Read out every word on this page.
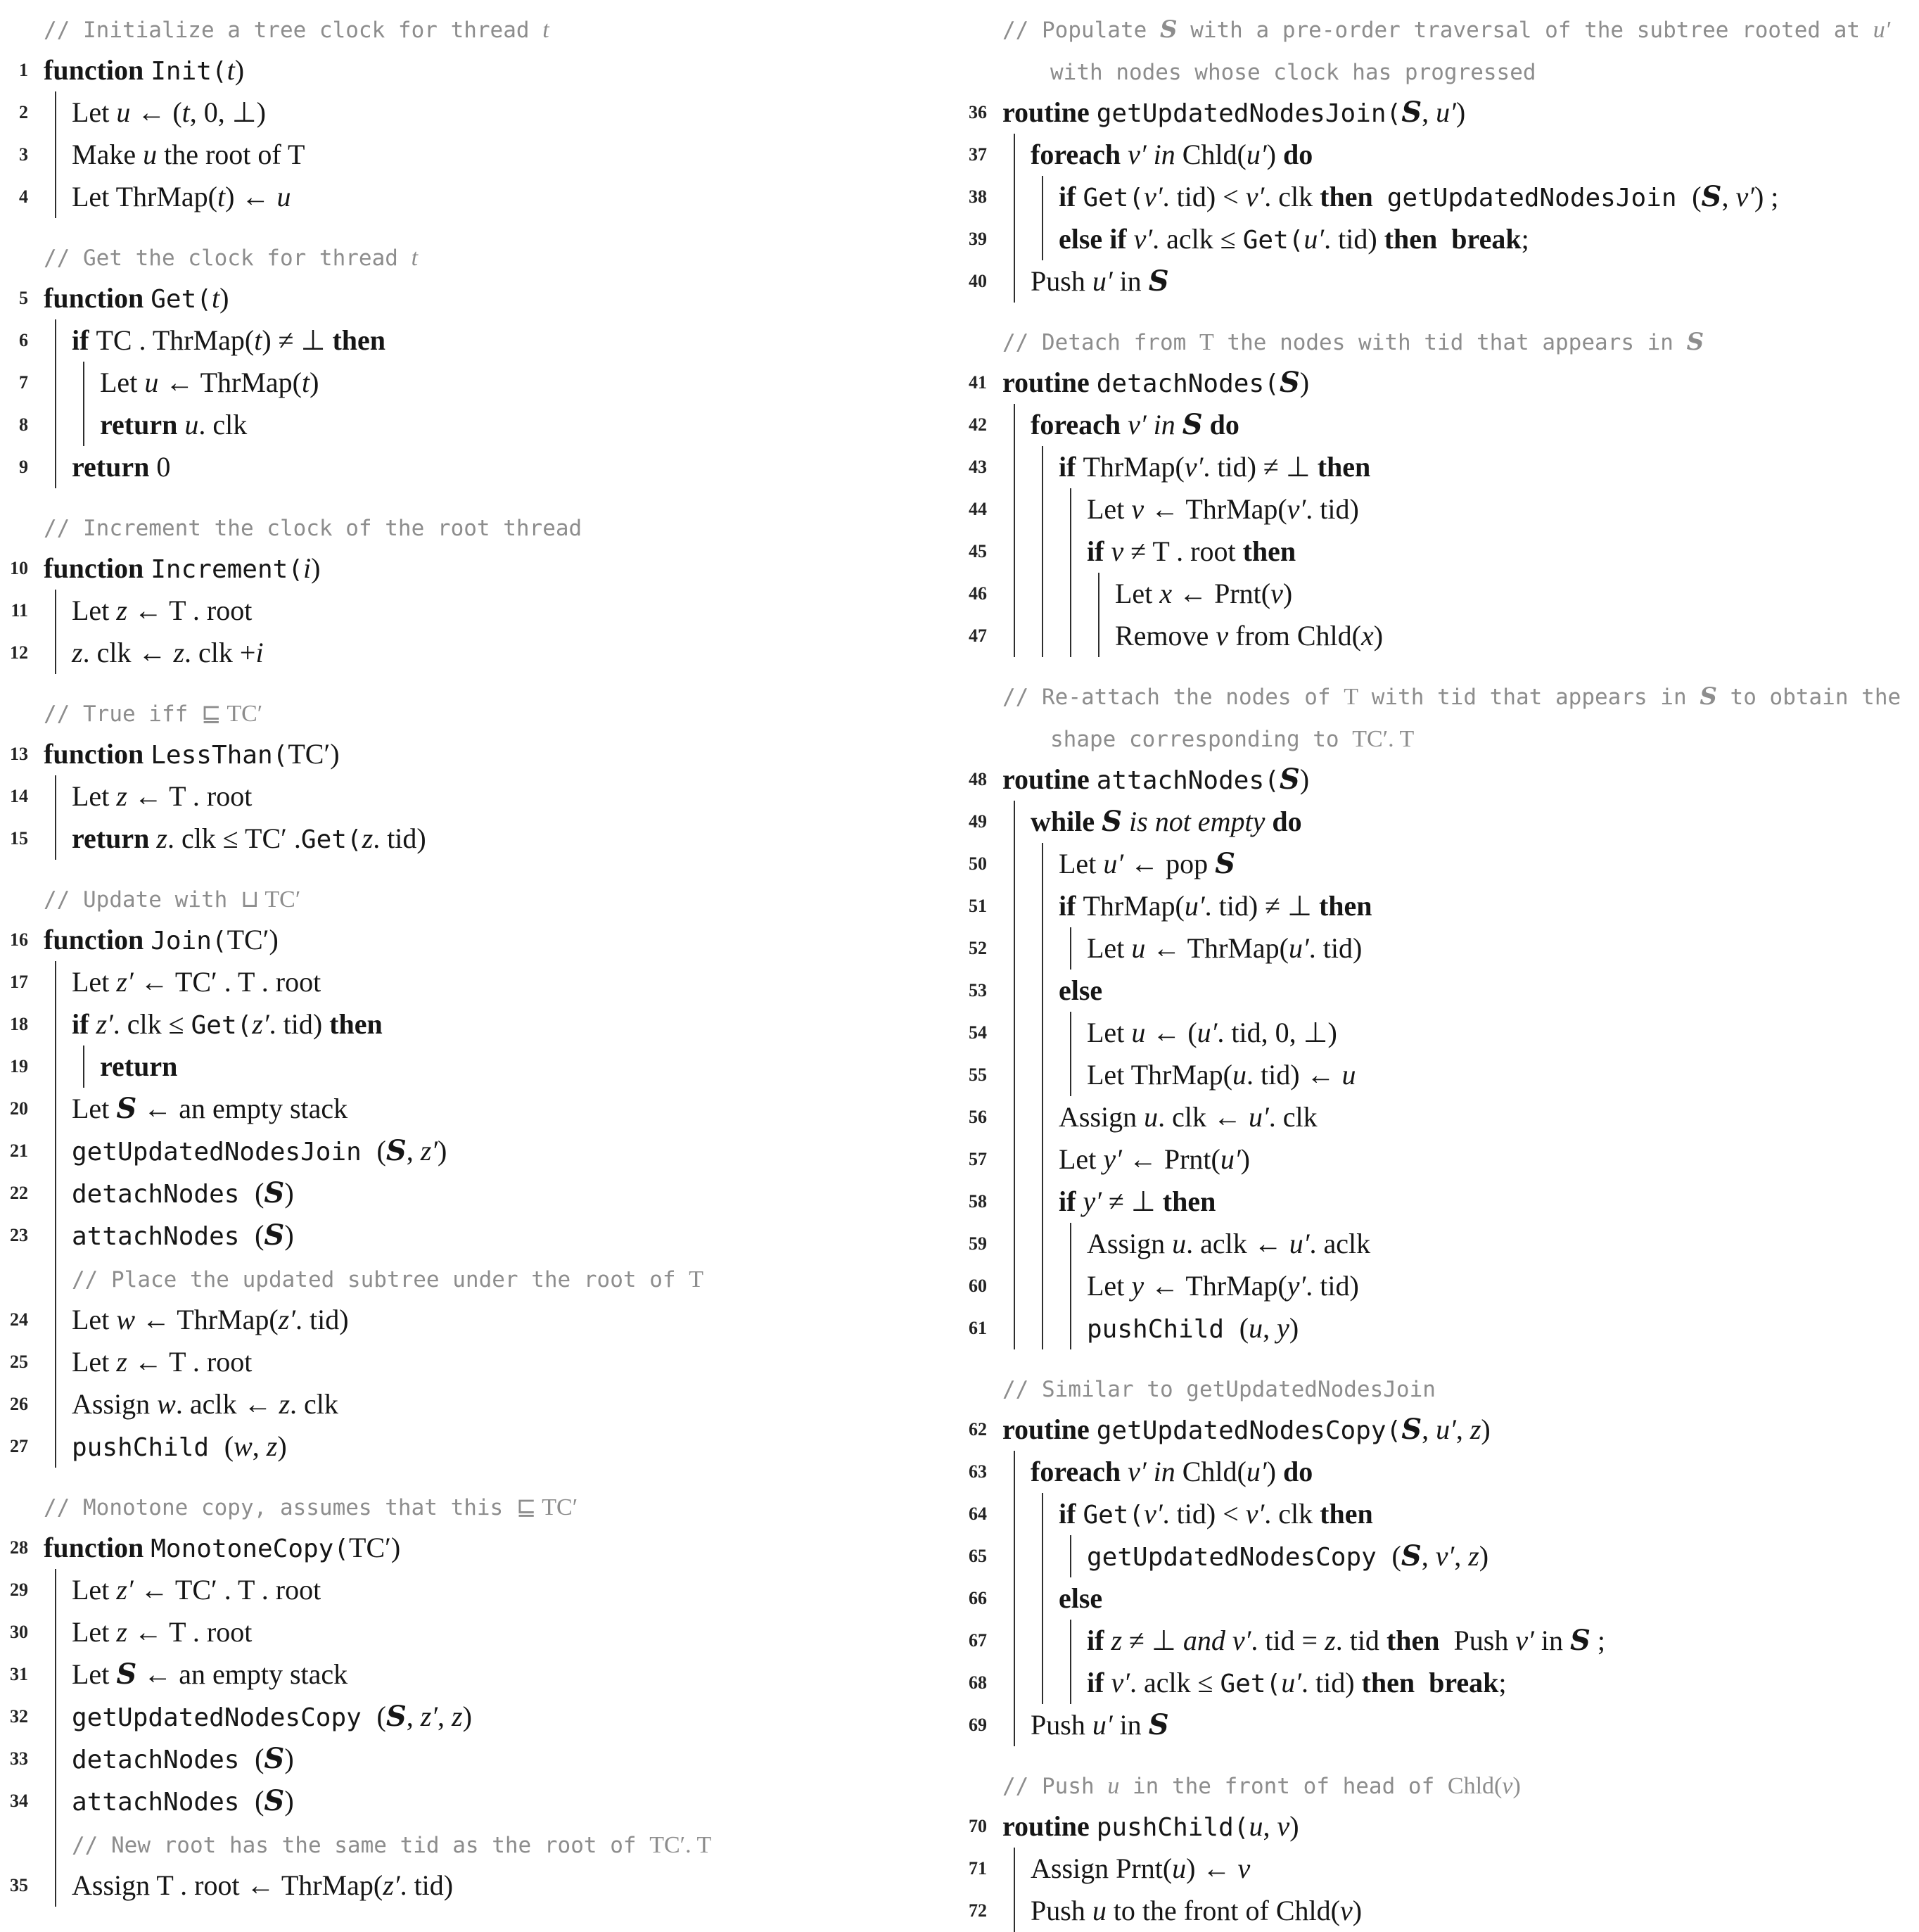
// Initialize a tree clock for thread t
1 function Init(t)
2 Let u ← (t, 0, ⊥)
3 Make u the root of T
4 Let ThrMap(t) ← u
// Get the clock for thread t
5 function Get(t)
6 if TC . ThrMap(t) ≠ ⊥ then
7	Let u ← ThrMap(t)
8	return u. clk
9 return 0
// Increment the clock of the root thread
10 function Increment(i)
11 Let z ← T . root
12 z. clk ← z. clk +i
// True iff ⊑ TC′
13 function LessThan(TC′)
14 Let z ← T . root
15 return z. clk ≤ TC′ .Get(z. tid)
// Update with ⊔ TC′
16 function Join(TC′)
17 Let z′ ← TC′ . T . root
18 if z′. clk ≤ Get(z′. tid) then
19	return
20 Let S ← an empty stack
21 getUpdatedNodesJoin (S, z′)
22 detachNodes (S)
23 attachNodes (S)
// Place the updated subtree under the root of T
24 Let w ← ThrMap(z′. tid)
25 Let z ← T . root
26 Assign w. aclk ← z. clk
27 pushChild (w, z)
// Monotone copy, assumes that this ⊑ TC′
28 function MonotoneCopy(TC′)
29 Let z′ ← TC′ . T . root
30 Let z ← T . root
31 Let S ← an empty stack
32 getUpdatedNodesCopy (S, z′, z)
33 detachNodes (S)
34 attachNodes (S)
// New root has the same tid as the root of TC′. T
35 Assign T . root ← ThrMap(z′. tid)
// Populate S with a pre-order traversal of the subtree rooted at u′
with nodes whose clock has progressed
36 routine getUpdatedNodesJoin(S, u′)
37 foreach v′ in Chld(u′) do
38	if Get(v′. tid) < v′. clk then getUpdatedNodesJoin (S, v′) ;
39	else if v′. aclk ≤ Get(u′. tid) then break;
40 Push u′ in S
// Detach from T the nodes with tid that appears in S
41 routine detachNodes(S)
42 foreach v′ in S do
43	if ThrMap(v′. tid) ≠ ⊥ then
44	Let v ← ThrMap(v′. tid)
45	if v ≠ T . root then
46	Let x ← Prnt(v)
47	Remove v from Chld(x)
// Re-attach the nodes of T with tid that appears in S to obtain the
shape corresponding to TC′. T
48 routine attachNodes(S)
49 while S is not empty do
50	Let u′ ← pop S
51	if ThrMap(u′. tid) ≠ ⊥ then
52	Let u ← ThrMap(u′. tid)
53	else
54	Let u ← (u′. tid, 0, ⊥)
55	Let ThrMap(u. tid) ← u
56	Assign u. clk ← u′. clk
57	Let y′ ← Prnt(u′)
58	if y′ ≠ ⊥ then
59	Assign u. aclk ← u′. aclk
60	Let y ← ThrMap(y′. tid)
61	pushChild (u, y)
// Similar to getUpdatedNodesJoin
62 routine getUpdatedNodesCopy(S, u′, z)
63 foreach v′ in Chld(u′) do
64	if Get(v′. tid) < v′. clk then
65	getUpdatedNodesCopy (S, v′, z)
66	else
67	if z ≠ ⊥ and v′. tid = z. tid then  Push v′ in S ;
68	if v′. aclk ≤ Get(u′. tid) then break;
69 Push u′ in S
// Push u in the front of head of Chld(v)
70 routine pushChild(u, v)
71 Assign Prnt(u) ← v
72 Push u to the front of Chld(v)
